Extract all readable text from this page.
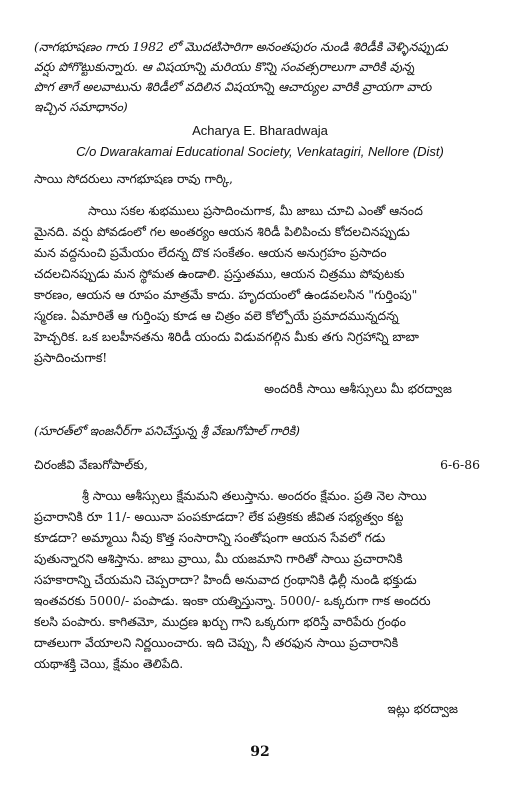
(నాగభూషణం గారు 1982 లో మొదటిసారిగా అనంతపురం నుండి శిరిడీకి వెళ్ళినప్పుడు
వర్షు పోగొట్టుకున్నారు. ఆ విషయాన్ని మరియు కొన్ని సంవత్సరాలుగా వారికి వున్న
పొగ తాగే అలవాటును శిరిడీలో వదిలిన విషయాన్ని ఆచార్యుల వారికి వ్రాయగా వారు
ఇచ్చిన సమాధానం)
Acharya E. Bharadwaja
C/o Dwarakamai Educational Society, Venkatagiri, Nellore (Dist)
సాయి సోదరులు నాగభూషణ రావు గార్కి,
సాయి సకల శుభములు ప్రసాదించుగాక, మీ జాబు చూచి ఎంతో ఆనంద
మైనది. వర్షు పోవడంలో గల అంతర్యం ఆయన శిరిడీ పిలిపించు కోదలచినప్పుడు
మన వద్దనుంచి ప్రమేయం లేదన్న దొక సంకేతం. ఆయన అనుగ్రహం ప్రసాదం
చదలచినప్పుడు మన స్థోమత ఉండాలి. ప్రస్తుతము, ఆయన చిత్రము పోవుటకు
కారణం, ఆయన ఆ రూపం మాత్రమే కాదు. హృదయంలో ఉండవలసిన "గుర్తింపు"
స్మరణ. ఏమారితే ఆ గుర్తింపు కూడ ఆ చిత్రం వలె కోల్పోయే ప్రమాదమున్నదన్న
హెచ్చరిక. ఒక బలహీనతను శిరిడీ యందు విడువగల్గిన మీకు తగు నిగ్రహాన్ని బాబా
ప్రసాదించుగాక!
అందరికీ సాయి ఆశీస్సులు మీ భరద్వాజ
(సూరత్‌లో ఇంజనీర్‌గా పనిచేస్తున్న శ్రీ వేణుగోపాల్ గారికి)
చిరంజీవి వేణుగోపాల్‌కు,	6-6-86
శ్రీ సాయి ఆశీస్సులు క్షేమమని తలుస్తాను. అందరం క్షేమం. ప్రతి నెల సాయి
ప్రచారానికి రూ 11/- అయినా పంపకూడదా? లేక పత్రికకు జీవిత సభ్యత్వం కట్ట
కూడదా? అమ్మాయి నీవు కొత్త సంసారాన్ని సంతోషంగా ఆయన సేవలో గడు
పుతున్నారని ఆశిస్తాను. జాబు వ్రాయి, మీ యజమాని గారితో సాయి ప్రచారానికి
సహకారాన్ని చేయమని చెప్పరాదా? హిందీ అనువాద గ్రంథానికి ఢిల్లీ నుండి భక్తుడు
ఇంతవరకు 5000/- పంపాడు. ఇంకా యత్నిస్తున్నా. 5000/- ఒక్కరుగా గాక అందరు
కలసి పంపారు. కాగితమో, ముద్రణ ఖర్చు గాని ఒక్కరుగా భరిస్తే వారిపేరు గ్రంథం
దాతలుగా వేయాలని నిర్ణయించారు. ఇది చెప్పు, నీ తరఫున సాయి ప్రచారానికి
యథాశక్తి చెయి, క్షేమం తెలిపేది.
ఇట్లు భరద్వాజ
92
